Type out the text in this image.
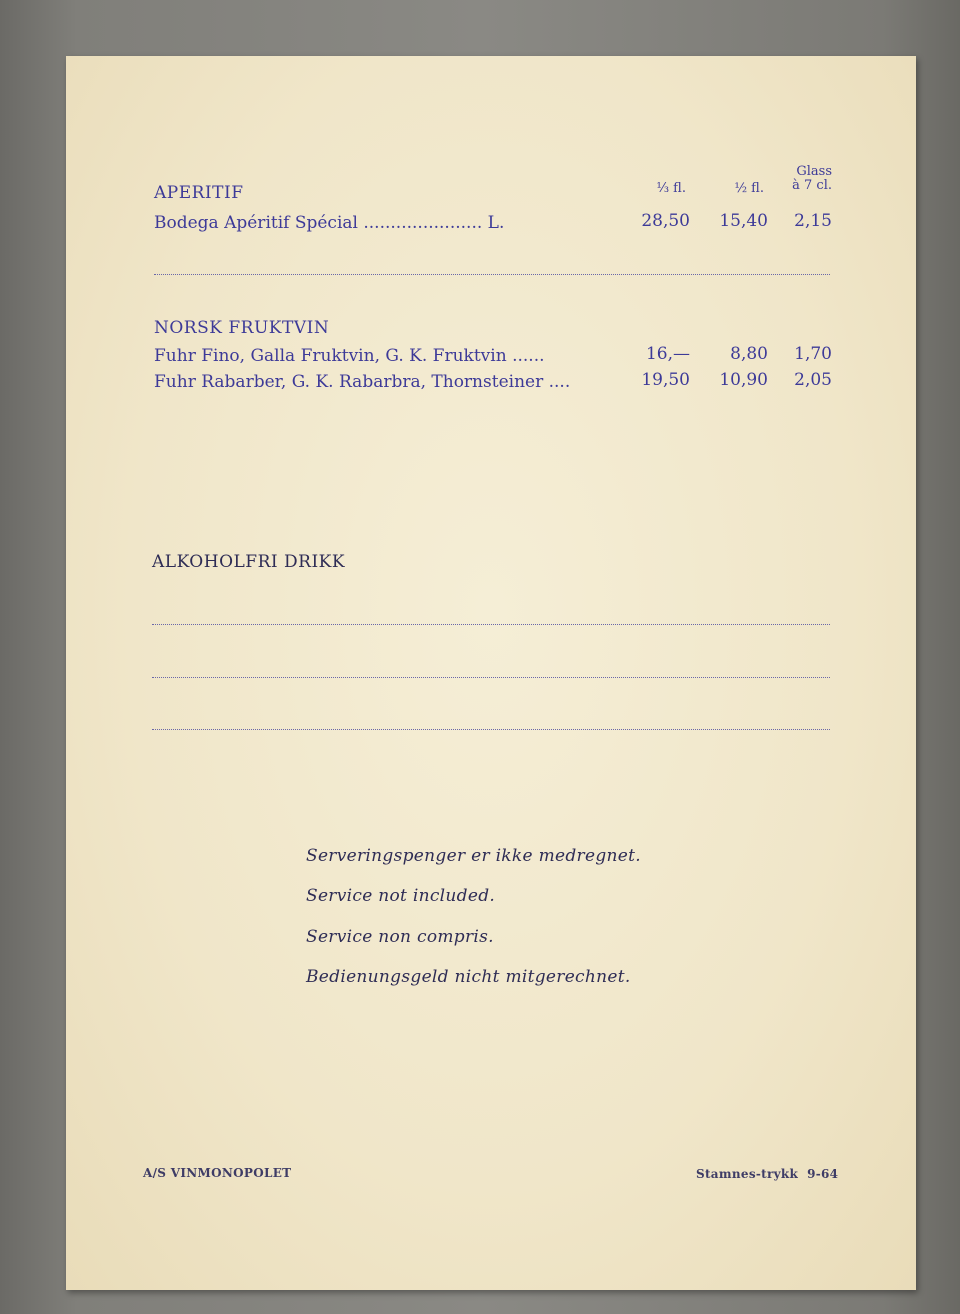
⅓ fl.	½ fl.
Glass
à 7 cl.
APERITIF
Bodega Apéritif Spécial ...................... L.	28,50	15,40	2,15
NORSK FRUKTVIN
Fuhr Fino, Galla Fruktvin, G. K. Fruktvin ......	16,—	8,80	1,70
Fuhr Rabarber, G. K. Rabarbra, Thornsteiner ....	19,50	10,90	2,05
ALKOHOLFRI DRIKK
Serveringspenger er ikke medregnet.
Service not included.
Service non compris.
Bedienungsgeld nicht mitgerechnet.
A/S VINMONOPOLET	Stamnes-trykk  9-64
